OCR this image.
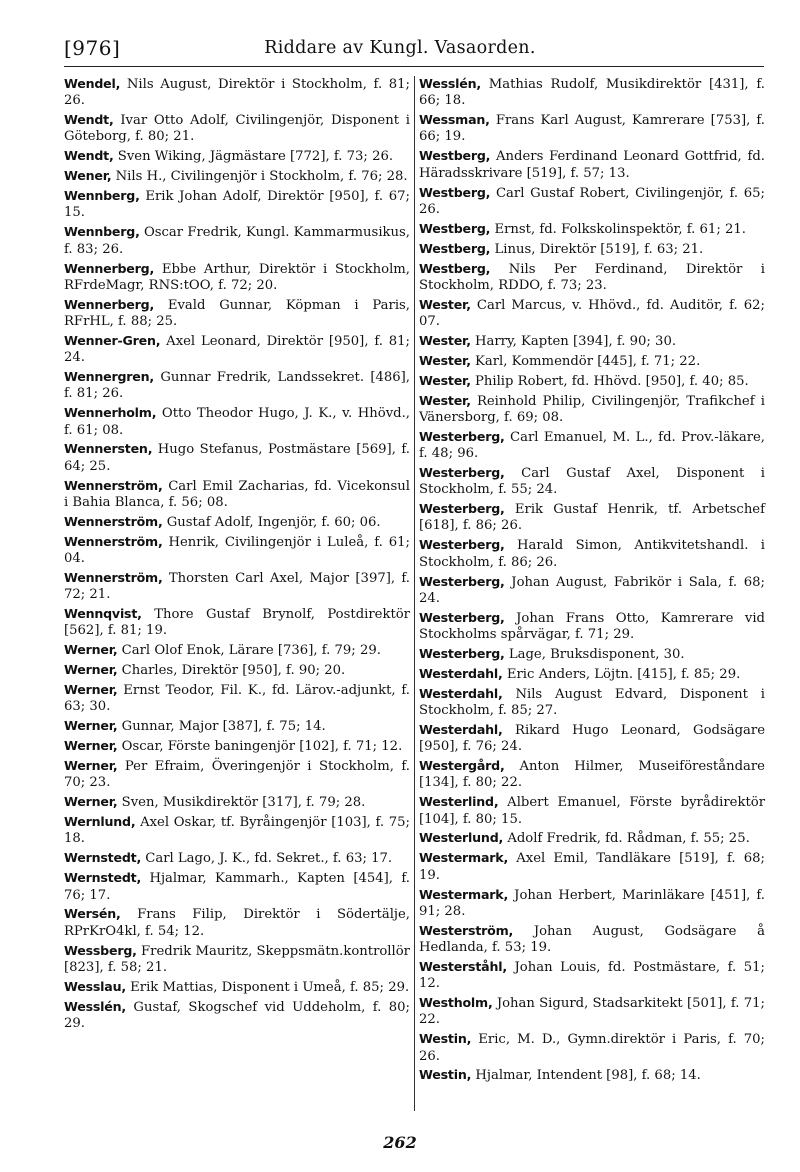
[976]	Riddare av Kungl. Vasaorden.

Wendel, Nils August, Direktör i Stockholm, f. 81; 26.

Wendt, Ivar Otto Adolf, Civilingenjör, Disponent i Göteborg, f. 80; 21.

Wendt, Sven Wiking, Jägmästare [772], f. 73; 26.

Wener, Nils H., Civilingenjör i Stockholm, f. 76; 28.

Wennberg, Erik Johan Adolf, Direktör [950], f. 67; 15.

Wennberg, Oscar Fredrik, Kungl. Kammarmusikus, f. 83; 26.

Wennerberg, Ebbe Arthur, Direktör i Stockholm, RFrdeMagr, RNS:tOO, f. 72; 20.

Wennerberg, Evald Gunnar, Köpman i Paris, RFrHL, f. 88; 25.

Wenner-Gren, Axel Leonard, Direktör [950], f. 81; 24.

Wennergren, Gunnar Fredrik, Landssekret. [486], f. 81; 26.

Wennerholm, Otto Theodor Hugo, J. K., v. Hhövd., f. 61; 08.

Wennersten, Hugo Stefanus, Postmästare [569], f. 64; 25.

Wennerström, Carl Emil Zacharias, fd. Vicekonsul i Bahia Blanca, f. 56; 08.

Wennerström, Gustaf Adolf, Ingenjör, f. 60; 06.

Wennerström, Henrik, Civilingenjör i Luleå, f. 61; 04.

Wennerström, Thorsten Carl Axel, Major [397], f. 72; 21.

Wennqvist, Thore Gustaf Brynolf, Postdirektör [562], f. 81; 19.

Werner, Carl Olof Enok, Lärare [736], f. 79; 29.

Werner, Charles, Direktör [950], f. 90; 20.

Werner, Ernst Teodor, Fil. K., fd. Lärov.-adjunkt, f. 63; 30.

Werner, Gunnar, Major [387], f. 75; 14.

Werner, Oscar, Förste baningenjör [102], f. 71; 12.

Werner, Per Efraim, Överingenjör i Stockholm, f. 70; 23.

Werner, Sven, Musikdirektör [317], f. 79; 28.

Wernlund, Axel Oskar, tf. Byråingenjör [103], f. 75; 18.

Wernstedt, Carl Lago, J. K., fd. Sekret., f. 63; 17.

Wernstedt, Hjalmar, Kammarh., Kapten [454], f. 76; 17.

Wersén, Frans Filip, Direktör i Södertälje, RPrKrO4kl, f. 54; 12.

Wessberg, Fredrik Mauritz, Skeppsmätn.kontrollör [823], f. 58; 21.

Wesslau, Erik Mattias, Disponent i Umeå, f. 85; 29.

Wesslén, Gustaf, Skogschef vid Uddeholm, f. 80; 29.

Wesslén, Mathias Rudolf, Musikdirektör [431], f. 66; 18.

Wessman, Frans Karl August, Kamrerare [753], f. 66; 19.

Westberg, Anders Ferdinand Leonard Gottfrid, fd. Häradsskrivare [519], f. 57; 13.

Westberg, Carl Gustaf Robert, Civilingenjör, f. 65; 26.

Westberg, Ernst, fd. Folkskolinspektör, f. 61; 21.

Westberg, Linus, Direktör [519], f. 63; 21.

Westberg, Nils Per Ferdinand, Direktör i Stockholm, RDDO, f. 73; 23.

Wester, Carl Marcus, v. Hhövd., fd. Auditör, f. 62; 07.

Wester, Harry, Kapten [394], f. 90; 30.

Wester, Karl, Kommendör [445], f. 71; 22.

Wester, Philip Robert, fd. Hhövd. [950], f. 40; 85.

Wester, Reinhold Philip, Civilingenjör, Trafikchef i Vänersborg, f. 69; 08.

Westerberg, Carl Emanuel, M. L., fd. Prov.-läkare, f. 48; 96.

Westerberg, Carl Gustaf Axel, Disponent i Stockholm, f. 55; 24.

Westerberg, Erik Gustaf Henrik, tf. Arbetschef [618], f. 86; 26.

Westerberg, Harald Simon, Antikvitetshandl. i Stockholm, f. 86; 26.

Westerberg, Johan August, Fabrikör i Sala, f. 68; 24.

Westerberg, Johan Frans Otto, Kamrerare vid Stockholms spårvägar, f. 71; 29.

Westerberg, Lage, Bruksdisponent, 30.

Westerdahl, Eric Anders, Löjtn. [415], f. 85; 29.

Westerdahl, Nils August Edvard, Disponent i Stockholm, f. 85; 27.

Westerdahl, Rikard Hugo Leonard, Godsägare [950], f. 76; 24.

Westergård, Anton Hilmer, Museiföreståndare [134], f. 80; 22.

Westerlind, Albert Emanuel, Förste byrådirektör [104], f. 80; 15.

Westerlund, Adolf Fredrik, fd. Rådman, f. 55; 25.

Westermark, Axel Emil, Tandläkare [519], f. 68; 19.

Westermark, Johan Herbert, Marinläkare [451], f. 91; 28.

Westerström, Johan August, Godsägare å Hedlanda, f. 53; 19.

Westerståhl, Johan Louis, fd. Postmästare, f. 51; 12.

Westholm, Johan Sigurd, Stadsarkitekt [501], f. 71; 22.

Westin, Eric, M. D., Gymn.direktör i Paris, f. 70; 26.

Westin, Hjalmar, Intendent [98], f. 68; 14.

262
